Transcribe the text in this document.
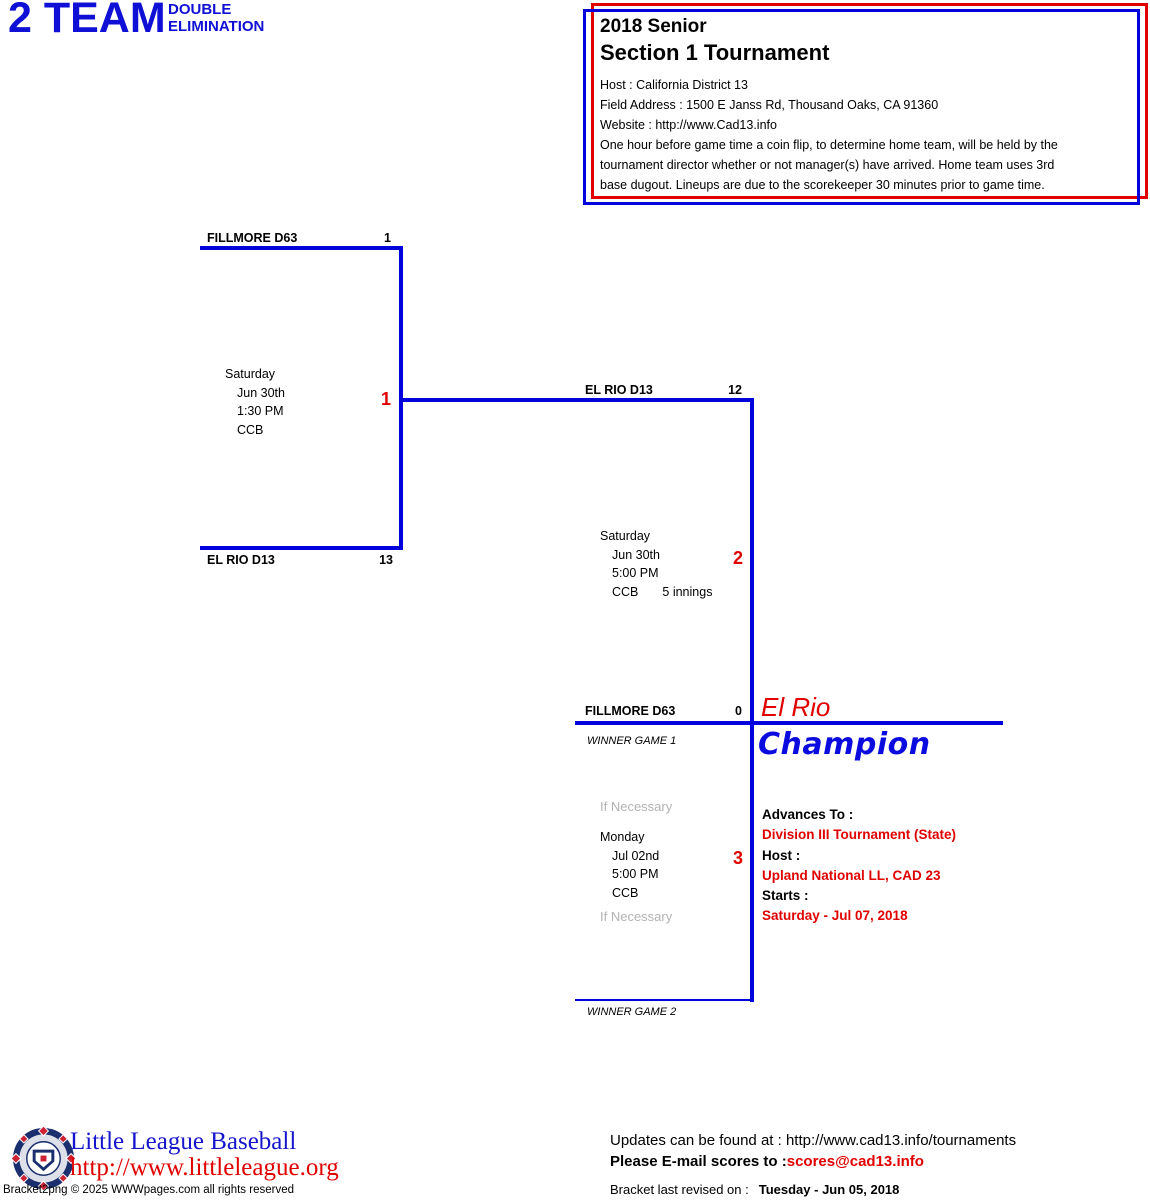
2 TEAM DOUBLE
ELIMINATION	2018 Senior
Section 1 Tournament
Host : California District 13
Field Address : 1500 E Janss Rd, Thousand Oaks, CA 91360
Website : http://www.Cad13.info
One hour before game time a coin flip, to determine home team, will be held by the
tournament director whether or not manager(s) have arrived. Home team uses 3rd
base dugout. Lineups are due to the scorekeeper 30 minutes prior to game time.
FILLMORE D63	1
EL RIO D13	13
Saturday
Jun 30th
1:30 PM
CCB
1	EL RIO D13	12
FILLMORE D63	0
WINNER GAME 1
Saturday
Jun 30th
5:00 PM
CCB 5 innings
2
If Necessary
Monday
Jul 02nd
5:00 PM
CCB
If Necessary
3
WINNER GAME 2
El Rio
Champion
Advances To :
Division III Tournament (State)
Host :
Upland National LL, CAD 23
Starts :
Saturday - Jul 07, 2018
Little League Baseball
http://www.littleleague.org
Bracket2png © 2025 WWWpages.com all rights reserved
Updates can be found at : http://www.cad13.info/tournaments
Please E-mail scores to :scores@cad13.info
Bracket last revised on : Tuesday - Jun 05, 2018
